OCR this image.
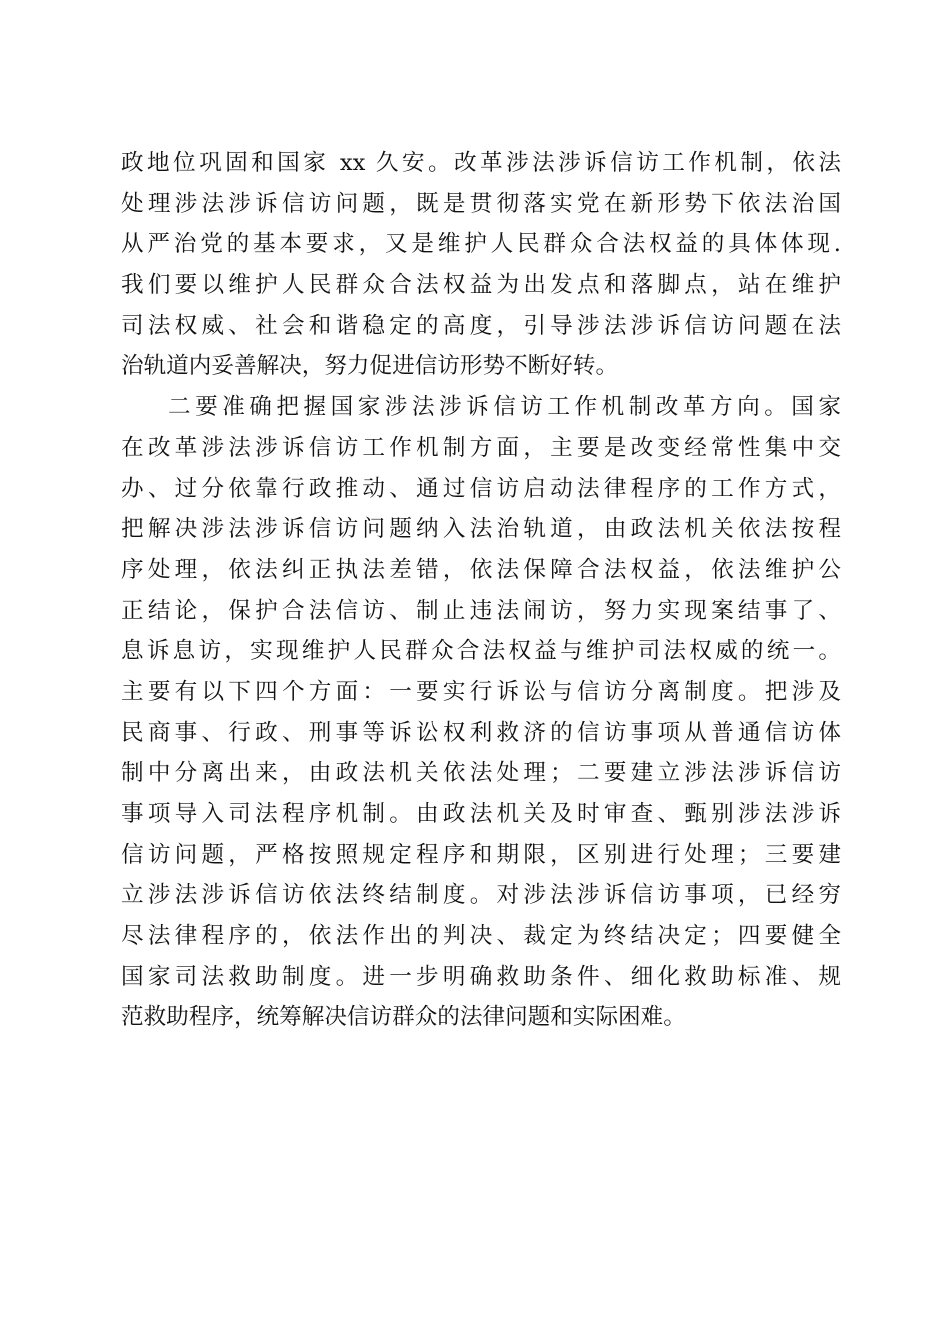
政地位巩固和国家 xx 久安。改革涉法涉诉信访工作机制，依法
处理涉法涉诉信访问题，既是贯彻落实党在新形势下依法治国
从严治党的基本要求，又是维护人民群众合法权益的具体体现.
我们要以维护人民群众合法权益为出发点和落脚点，站在维护
司法权威、社会和谐稳定的高度，引导涉法涉诉信访问题在法
治轨道内妥善解决，努力促进信访形势不断好转。
二要准确把握国家涉法涉诉信访工作机制改革方向。国家
在改革涉法涉诉信访工作机制方面，主要是改变经常性集中交
办、过分依靠行政推动、通过信访启动法律程序的工作方式，
把解决涉法涉诉信访问题纳入法治轨道，由政法机关依法按程
序处理，依法纠正执法差错，依法保障合法权益，依法维护公
正结论，保护合法信访、制止违法闹访，努力实现案结事了、
息诉息访，实现维护人民群众合法权益与维护司法权威的统一。
主要有以下四个方面：一要实行诉讼与信访分离制度。把涉及
民商事、行政、刑事等诉讼权利救济的信访事项从普通信访体
制中分离出来，由政法机关依法处理；二要建立涉法涉诉信访
事项导入司法程序机制。由政法机关及时审查、甄别涉法涉诉
信访问题，严格按照规定程序和期限，区别进行处理；三要建
立涉法涉诉信访依法终结制度。对涉法涉诉信访事项，已经穷
尽法律程序的，依法作出的判决、裁定为终结决定；四要健全
国家司法救助制度。进一步明确救助条件、细化救助标准、规
范救助程序，统筹解决信访群众的法律问题和实际困难。
